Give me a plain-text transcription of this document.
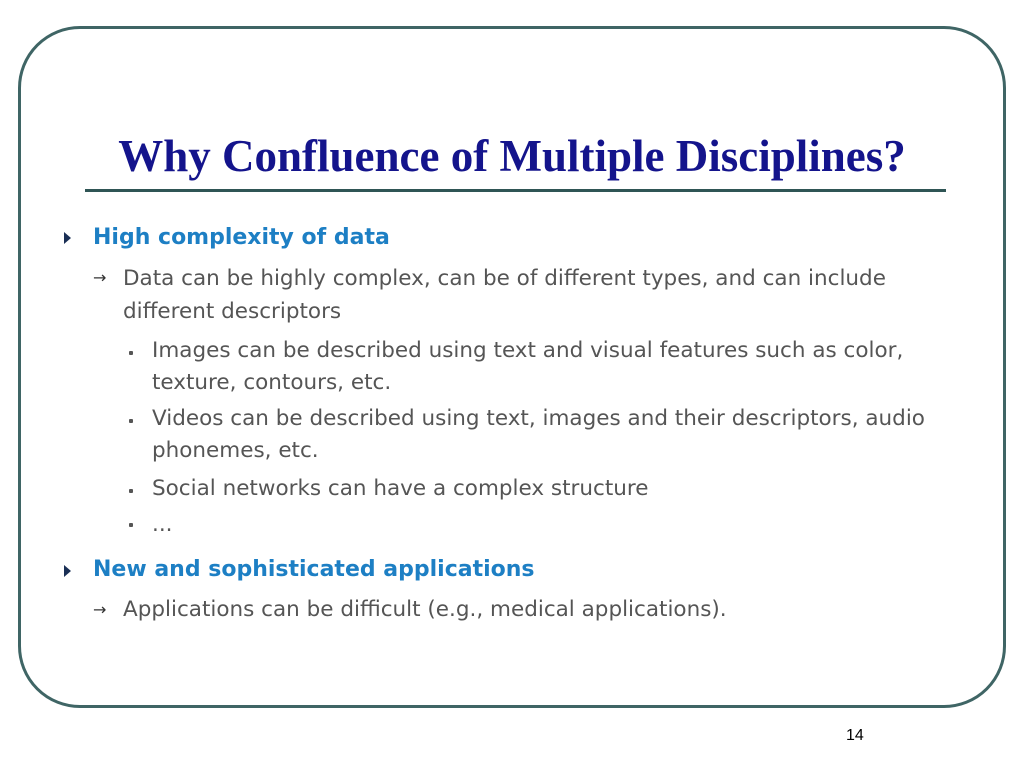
Why Confluence of Multiple Disciplines?
High complexity of data
→ Data can be highly complex, can be of different types, and can include different descriptors
Images can be described using text and visual features such as color, texture, contours, etc.
Videos can be described using text, images and their descriptors, audio phonemes, etc.
Social networks can have a complex structure
...
New and sophisticated applications
→ Applications can be difficult (e.g., medical applications).
14
